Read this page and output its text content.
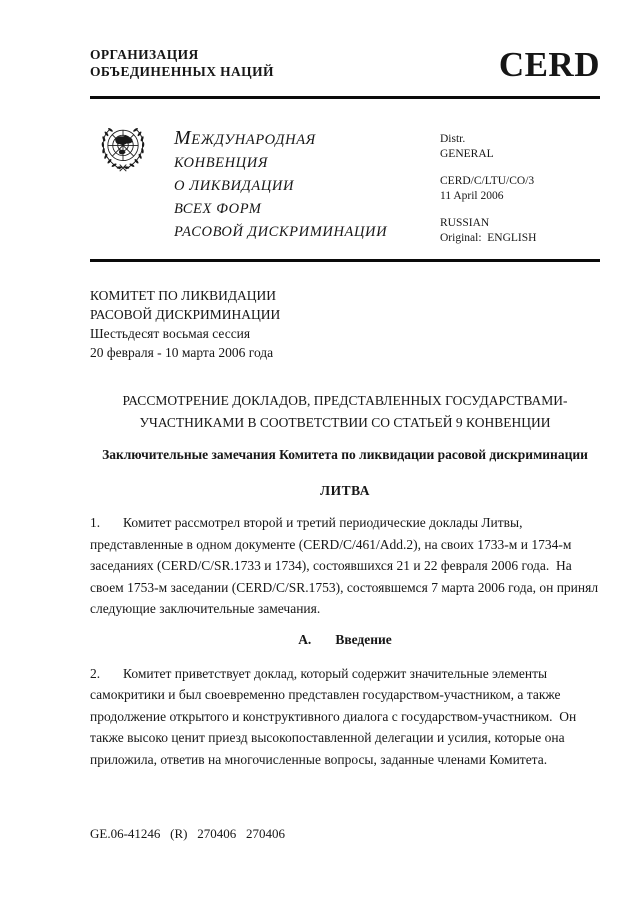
ОРГАНИЗАЦИЯ
ОБЪЕДИНЕННЫХ НАЦИЙ	CERD
МЕЖДУНАРОДНАЯ
КОНВЕНЦИЯ
О ЛИКВИДАЦИИ
ВСЕХ ФОРМ
РАСОВОЙ ДИСКРИМИНАЦИИ
Distr.
GENERAL
CERD/C/LTU/CO/3
11 April 2006
RUSSIAN
Original:  ENGLISH
КОМИТЕТ ПО ЛИКВИДАЦИИ
РАСОВОЙ ДИСКРИМИНАЦИИ
Шестьдесят восьмая сессия
20 февраля - 10 марта 2006 года
РАССМОТРЕНИЕ ДОКЛАДОВ, ПРЕДСТАВЛЕННЫХ ГОСУДАРСТВАМИ-
УЧАСТНИКАМИ В СООТВЕТСТВИИ СО СТАТЬЕЙ 9 КОНВЕНЦИИ
Заключительные замечания Комитета по ликвидации расовой дискриминации
ЛИТВА
1. Комитет рассмотрел второй и третий периодические доклады Литвы, представленные в одном документе (CERD/C/461/Add.2), на своих 1733-м и 1734-м заседаниях (CERD/C/SR.1733 и 1734), состоявшихся 21 и 22 февраля 2006 года.  На своем 1753-м заседании (CERD/C/SR.1753), состоявшемся 7 марта 2006 года, он принял следующие заключительные замечания.
А. Введение
2. Комитет приветствует доклад, который содержит значительные элементы самокритики и был своевременно представлен государством-участником, а также продолжение открытого и конструктивного диалога с государством-участником.  Он также высоко ценит приезд высокопоставленной делегации и усилия, которые она приложила, ответив на многочисленные вопросы, заданные членами Комитета.
GE.06-41246   (R)   270406   270406
